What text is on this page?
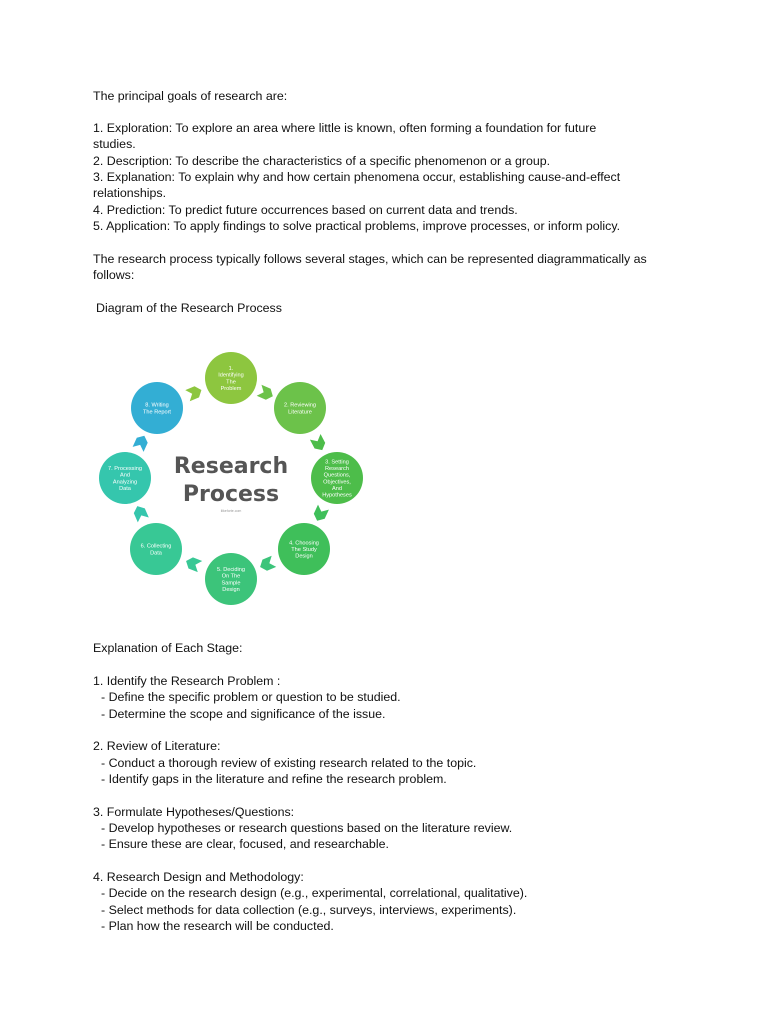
The principal goals of research are:
1. Exploration: To explore an area where little is known, often forming a foundation for future
studies.
2. Description: To describe the characteristics of a specific phenomenon or a group.
3. Explanation: To explain why and how certain phenomena occur, establishing cause-and-effect
relationships.
4. Prediction: To predict future occurrences based on current data and trends.
5. Application: To apply findings to solve practical problems, improve processes, or inform policy.
The research process typically follows several stages, which can be represented diagrammatically as
follows:
Diagram of the Research Process
1.
Identifying
The
Problem
2. Reviewing
Literature
3. Setting
Research
Questions,
Objectives,
And
Hypotheses
4. Choosing
The Study
Design
5. Deciding
On The
Sample
Design
6. Collecting
Data
7. Processing
And
Analyzing
Data
8. Writing
The Report
Research
Process
ilikeforte.com
Explanation of Each Stage:
1. Identify the Research Problem :
- Define the specific problem or question to be studied.
- Determine the scope and significance of the issue.
2. Review of Literature:
- Conduct a thorough review of existing research related to the topic.
- Identify gaps in the literature and refine the research problem.
3. Formulate Hypotheses/Questions:
- Develop hypotheses or research questions based on the literature review.
- Ensure these are clear, focused, and researchable.
4. Research Design and Methodology:
- Decide on the research design (e.g., experimental, correlational, qualitative).
- Select methods for data collection (e.g., surveys, interviews, experiments).
- Plan how the research will be conducted.
